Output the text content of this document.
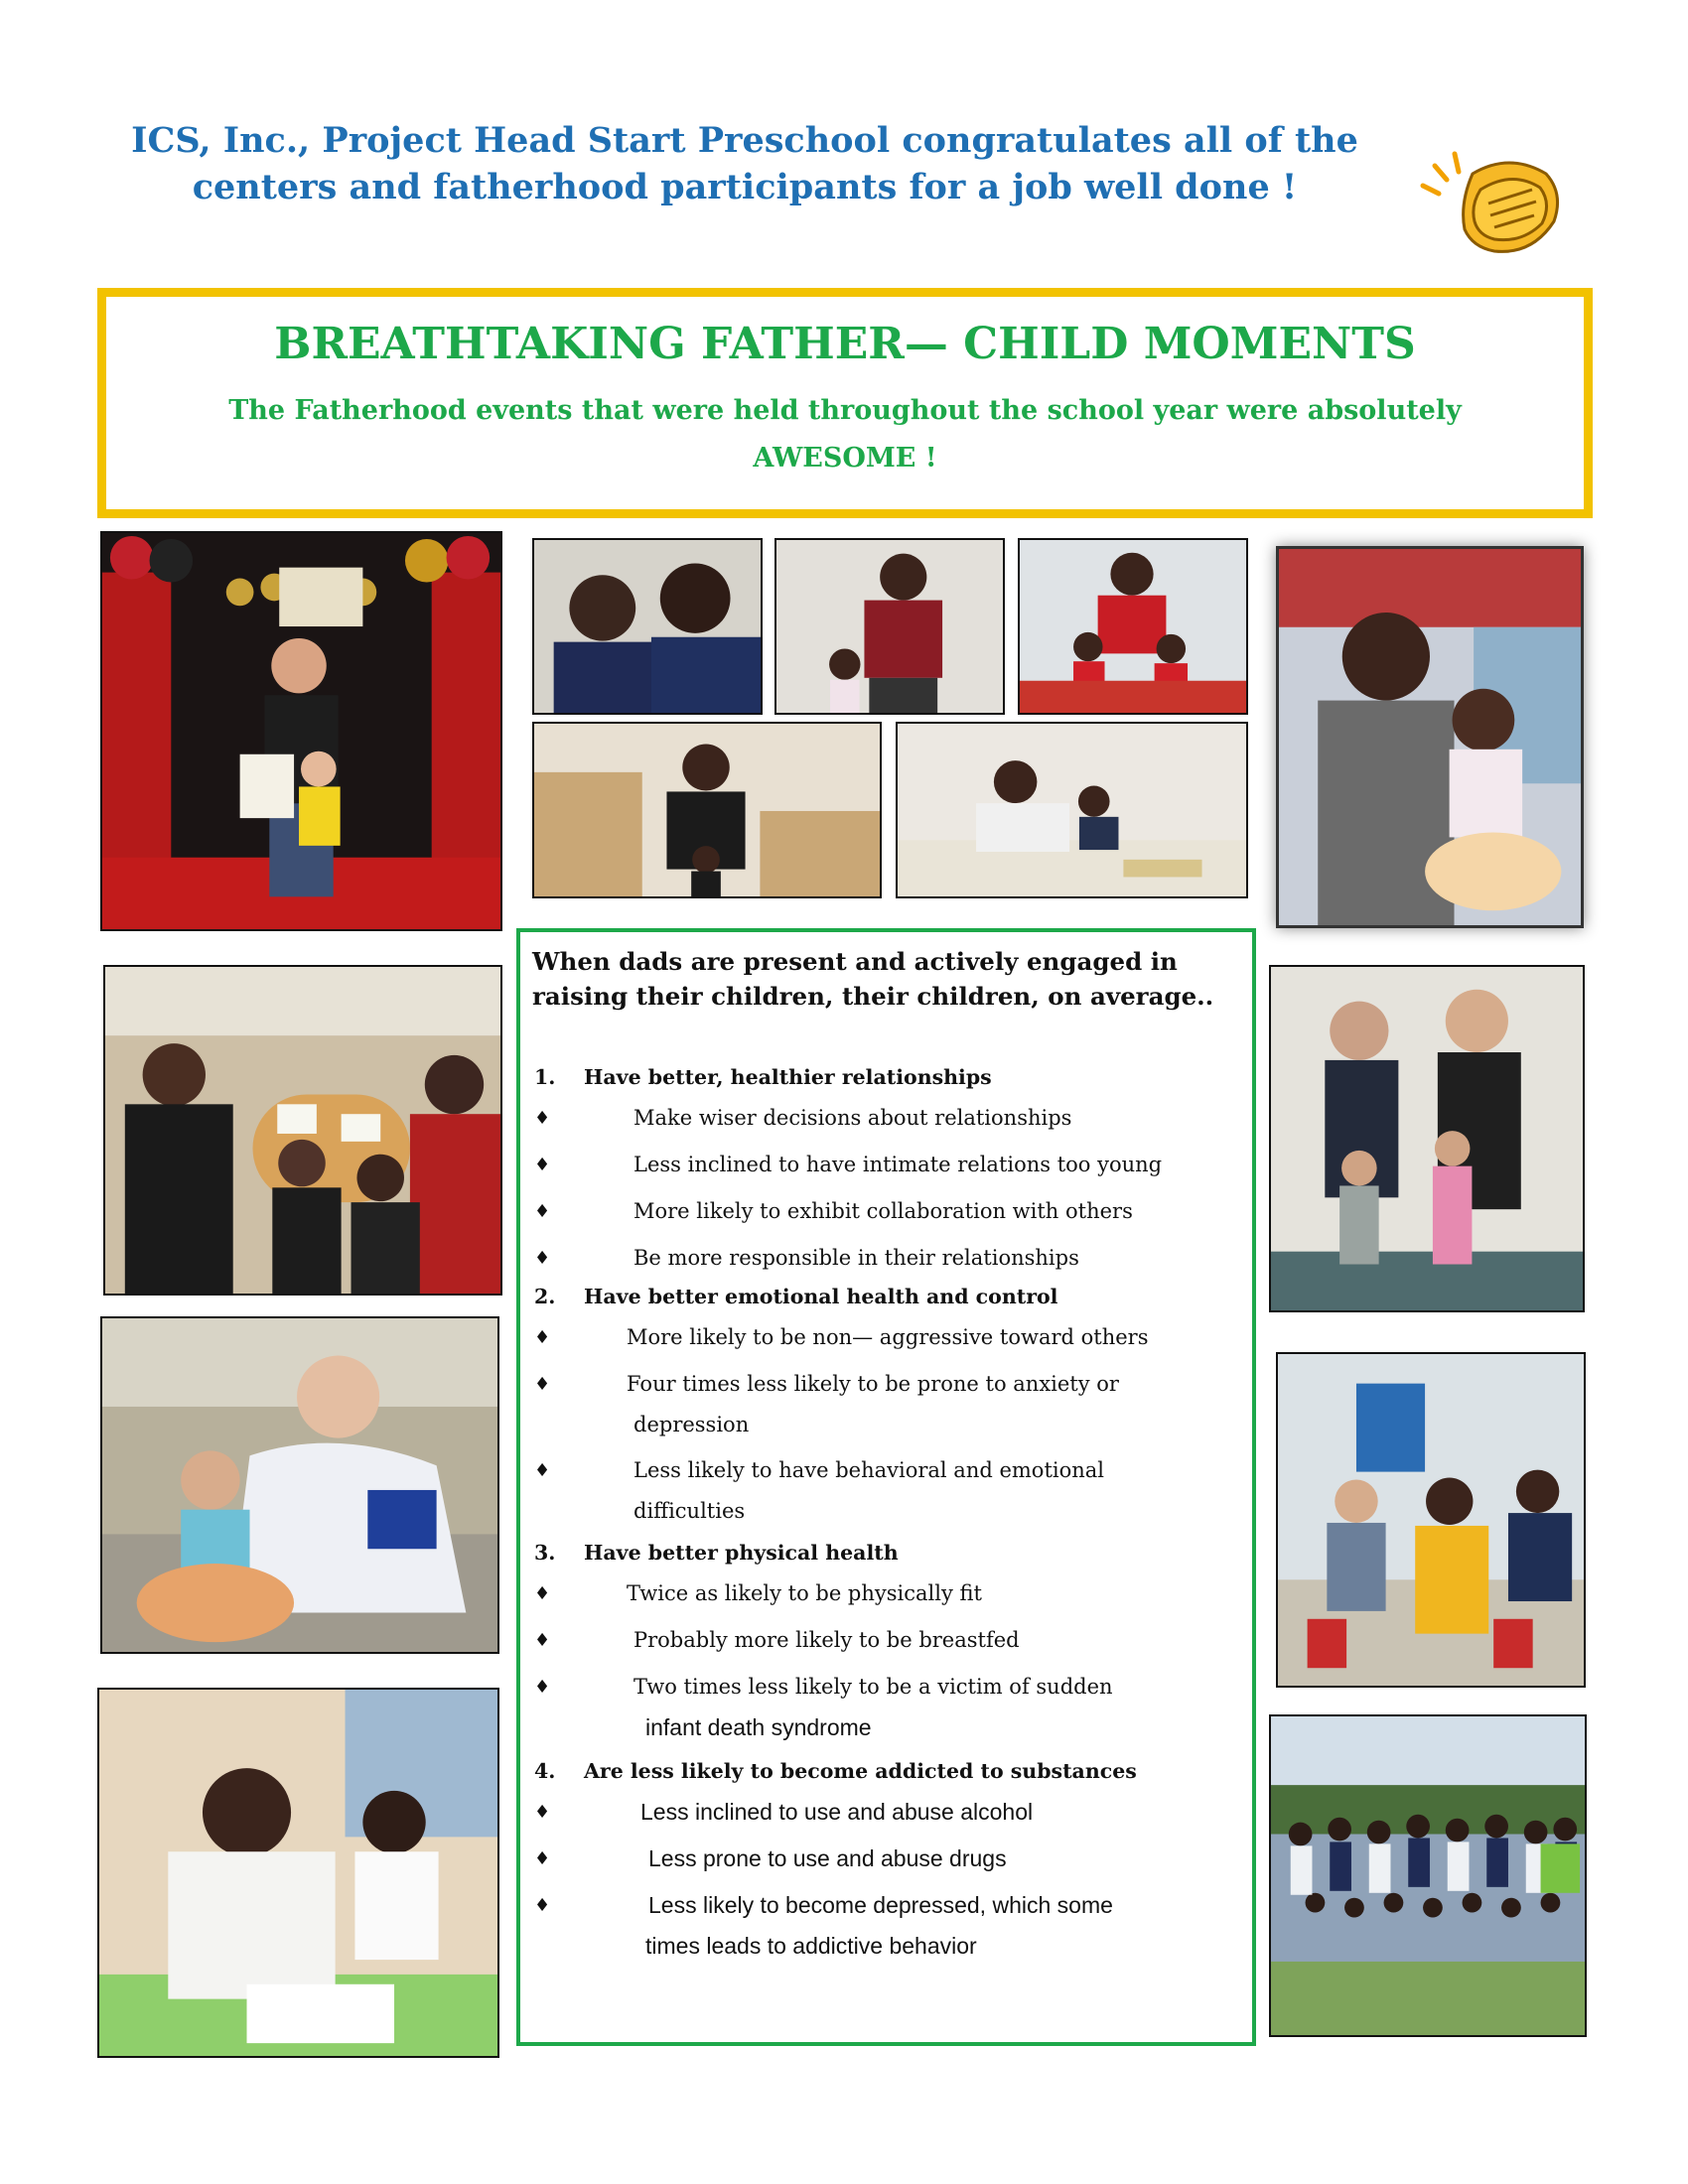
ICS, Inc., Project Head Start Preschool congratulates all of the
centers and fatherhood participants for a job well done !
BREATHTAKING FATHER— CHILD MOMENTS
The Fatherhood events that were held throughout the school year were absolutely
AWESOME !
When dads are present and actively engaged in
raising their children, their children, on average..
1. Have better, healthier relationships
♦	Make wiser decisions about relationships
♦	Less inclined to have intimate relations too young
♦	More likely to exhibit collaboration with others
♦	Be more responsible in their relationships
2. Have better emotional health and control
♦	More likely to be non— aggressive toward others
♦	Four times less likely to be prone to anxiety or
depression
♦	Less likely to have behavioral and emotional
difficulties
3. Have better physical health
♦	Twice as likely to be physically fit
♦	Probably more likely to be breastfed
♦	Two times less likely to be a victim of sudden
infant death syndrome
4. Are less likely to become addicted to substances
♦	Less inclined to use and abuse alcohol
♦	Less prone to use and abuse drugs
♦	Less likely to become depressed, which some
times leads to addictive behavior
